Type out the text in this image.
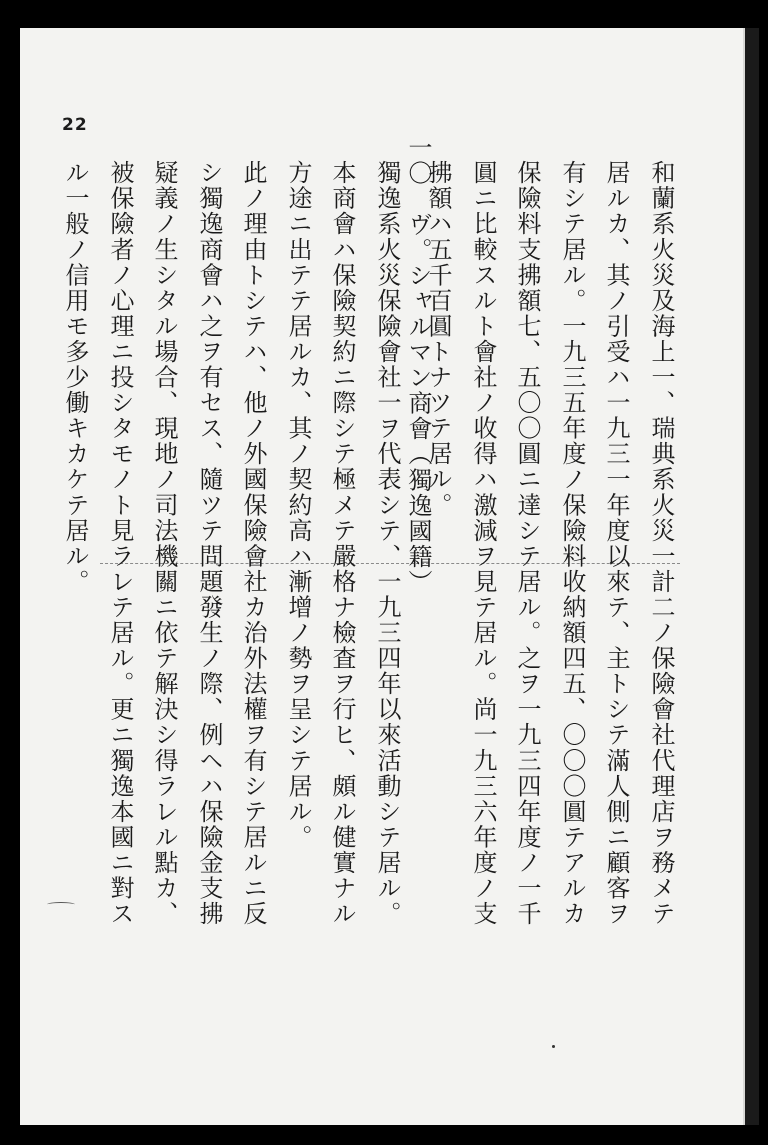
22
和蘭系火災及海上一、瑞典系火災一計二ノ保險會社代理店ヲ務メテ
居ルカ、其ノ引受ハ一九三一年度以來テ、主トシテ滿人側ニ顧客ヲ
有シテ居ル。一九三五年度ノ保險料收納額四五、〇〇〇圓テアルカ
保險料支拂額七、五〇〇圓ニ達シテ居ル。之ヲ一九三四年度ノ一千
圓ニ比較スルト會社ノ收得ハ激減ヲ見テ居ル。尚一九三六年度ノ支
拂額ハ五千百圓トナツテ居ル。
一〇　ヴ。シャルマン商會（獨逸國籍）
獨逸系火災保險會社一ヲ代表シテ、一九三四年以來活動シテ居ル。
本商會ハ保險契約ニ際シテ極メテ嚴格ナ檢査ヲ行ヒ、頗ル健實ナル
方途ニ出テテ居ルカ、其ノ契約高ハ漸增ノ勢ヲ呈シテ居ル。
此ノ理由トシテハ、他ノ外國保險會社カ治外法權ヲ有シテ居ルニ反
シ獨逸商會ハ之ヲ有セス、隨ツテ問題發生ノ際、例ヘハ保險金支拂
疑義ノ生シタル場合、現地ノ司法機關ニ依テ解決シ得ラレル點カ、
被保險者ノ心理ニ投シタモノト見ラレテ居ル。更ニ獨逸本國ニ對ス
ル一般ノ信用モ多少働キカケテ居ル。
